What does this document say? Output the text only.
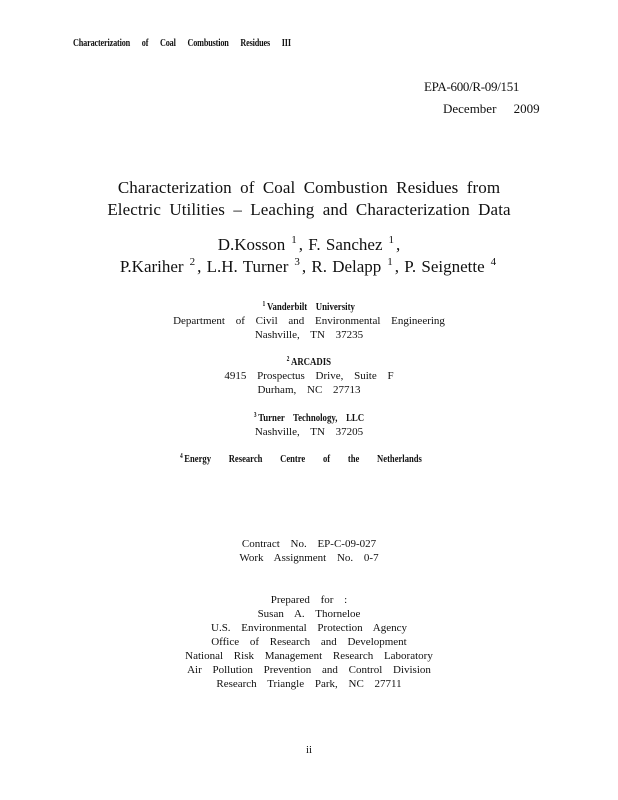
Characterization of Coal Combustion Residues III
EPA-600/R-09/151
December 2009
Characterization of Coal Combustion Residues from
Electric Utilities – Leaching and Characterization Data
D.Kosson $^1$ , F. Sanchez $^1$ ,
P.Kariher $^2$ , L.H. Turner $^3$ , R. Delapp $^1$ , P. Seignette $^4$
$^1$ Vanderbilt University
Department of Civil and Environmental Engineering
Nashville, TN 37235
$^2$ ARCADIS
4915 Prospectus Drive, Suite F
Durham, NC 27713
$^3$ Turner Technology, LLC
Nashville, TN 37205
$^4$ Energy Research Centre of the Netherlands
Contract No. EP-C-09-027
Work Assignment No. 0-7
Prepared for :
Susan A. Thorneloe
U.S. Environmental Protection Agency
Office of Research and Development
National Risk Management Research Laboratory
Air Pollution Prevention and Control Division
Research Triangle Park, NC 27711
ii
